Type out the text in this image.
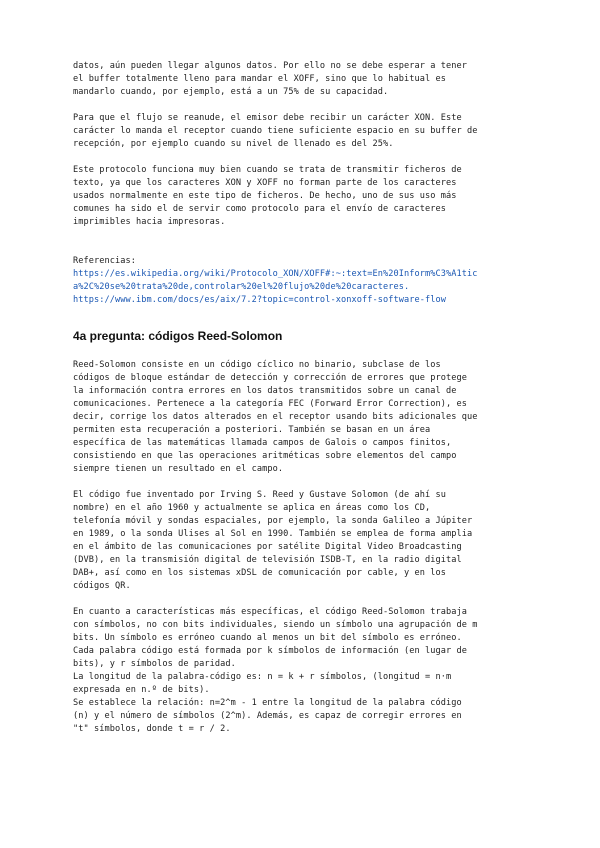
datos, aún pueden llegar algunos datos. Por ello no se debe esperar a tener
el buffer totalmente lleno para mandar el XOFF, sino que lo habitual es
mandarlo cuando, por ejemplo, está a un 75% de su capacidad.

Para que el flujo se reanude, el emisor debe recibir un carácter XON. Este
carácter lo manda el receptor cuando tiene suficiente espacio en su buffer de
recepción, por ejemplo cuando su nivel de llenado es del 25%.

Este protocolo funciona muy bien cuando se trata de transmitir ficheros de
texto, ya que los caracteres XON y XOFF no forman parte de los caracteres
usados normalmente en este tipo de ficheros. De hecho, uno de sus uso más
comunes ha sido el de servir como protocolo para el envío de caracteres
imprimibles hacia impresoras.

Referencias:

https://es.wikipedia.org/wiki/Protocolo_XON/XOFF#:~:text=En%20Inform%C3%A1tic
a%2C%20se%20trata%20de,controlar%20el%20flujo%20de%20caracteres.
https://www.ibm.com/docs/es/aix/7.2?topic=control-xonxoff-software-flow
4a pregunta: códigos Reed-Solomon

Reed-Solomon consiste en un código cíclico no binario, subclase de los
códigos de bloque estándar de detección y corrección de errores que protege
la información contra errores en los datos transmitidos sobre un canal de
comunicaciones. Pertenece a la categoría FEC (Forward Error Correction), es
decir, corrige los datos alterados en el receptor usando bits adicionales que
permiten esta recuperación a posteriori. También se basan en un área
específica de las matemáticas llamada campos de Galois o campos finitos,
consistiendo en que las operaciones aritméticas sobre elementos del campo
siempre tienen un resultado en el campo.

El código fue inventado por Irving S. Reed y Gustave Solomon (de ahí su
nombre) en el año 1960 y actualmente se aplica en áreas como los CD,
telefonía móvil y sondas espaciales, por ejemplo, la sonda Galileo a Júpiter
en 1989, o la sonda Ulises al Sol en 1990. También se emplea de forma amplia
en el ámbito de las comunicaciones por satélite Digital Video Broadcasting
(DVB), en la transmisión digital de televisión ISDB-T, en la radio digital
DAB+, así como en los sistemas xDSL de comunicación por cable, y en los
códigos QR.

En cuanto a características más específicas, el código Reed-Solomon trabaja
con símbolos, no con bits individuales, siendo un símbolo una agrupación de m
bits. Un símbolo es erróneo cuando al menos un bit del símbolo es erróneo.
Cada palabra código está formada por k símbolos de información (en lugar de
bits), y r símbolos de paridad.
La longitud de la palabra-código es: n = k + r símbolos, (longitud = n·m
expresada en n.º de bits).
Se establece la relación: n=2^m - 1 entre la longitud de la palabra código
(n) y el número de símbolos (2^m). Además, es capaz de corregir errores en
"t" símbolos, donde t = r / 2.
